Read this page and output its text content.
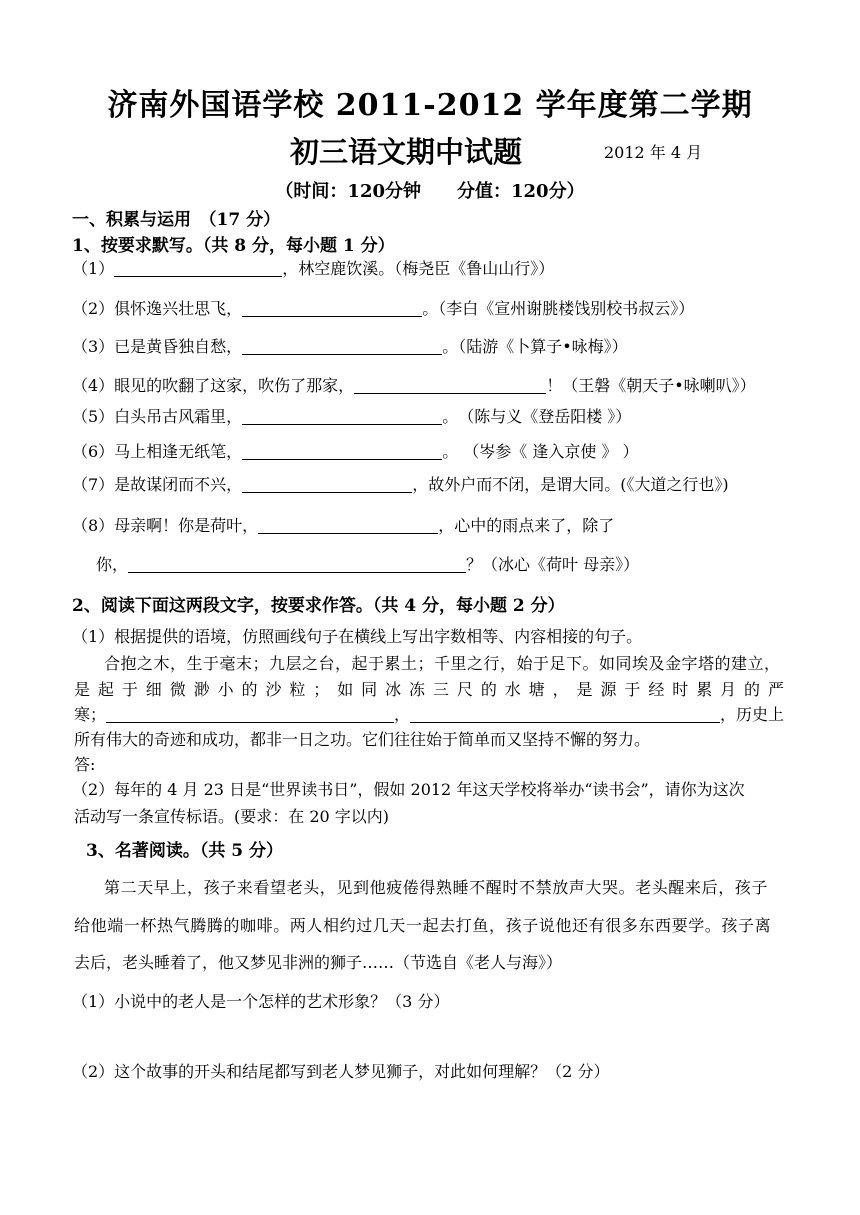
济南外国语学校 2011-2012 学年度第二学期
初三语文期中试题	2012 年 4 月
（时间：120分钟　　分值：120分）
一、积累与运用　（17 分）
1、按要求默写。（共 8 分，每小题 1 分）
（1）	，林空鹿饮溪。（梅尧臣《鲁山山行》）
（2）俱怀逸兴壮思飞，	。（李白《宣州谢朓楼饯别校书叔云》）
（3）已是黄昏独自愁，	。（陆游《卜算子•咏梅》）
（4）眼见的吹翻了这家，吹伤了那家，	！（王磐《朝天子•咏喇叭》）
（5）白头吊古风霜里，	。　（陈与义《登岳阳楼 》）
（6）马上相逢无纸笔，	。 （岑参《 逢入京使 》 ）
（7）是故谋闭而不兴，	，故外户而不闭，是谓大同。(《大道之行也》)
（8）母亲啊！你是荷叶，	，心中的雨点来了，除了
你，	？（冰心《荷叶 母亲》）
2、阅读下面这两段文字，按要求作答。（共 4 分，每小题 2 分）
（1）根据提供的语境，仿照画线句子在横线上写出字数相等、内容相接的句子。
合抱之木，生于毫末；九层之台，起于累土；千里之行，始于足下。如同埃及金字塔的建立，
是起于细微渺小的沙粒；如同冰冻三尺的水塘，是源于经时累月的严
寒；	，	，历史上
所有伟大的奇迹和成功，都非一日之功。它们往往始于简单而又坚持不懈的努力。
答:
（2）每年的 4 月 23 日是“世界读书日”，假如 2012 年这天学校将举办“读书会”，请你为这次
活动写一条宣传标语。(要求：在 20 字以内)
3、名著阅读。（共 5 分）
第二天早上，孩子来看望老头，见到他疲倦得熟睡不醒时不禁放声大哭。老头醒来后，孩子
给他端一杯热气腾腾的咖啡。两人相约过几天一起去打鱼，孩子说他还有很多东西要学。孩子离
去后，老头睡着了，他又梦见非洲的狮子……（节选自《老人与海》）
（1）小说中的老人是一个怎样的艺术形象？（3 分）
（2）这个故事的开头和结尾都写到老人梦见狮子，对此如何理解？（2 分）
